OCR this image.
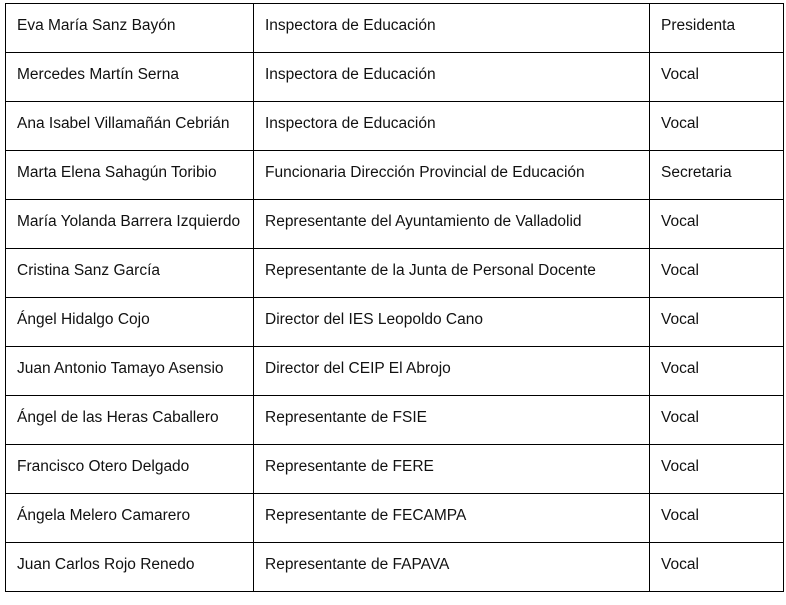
Eva María Sanz Bayón	Inspectora de Educación	Presidenta

Mercedes Martín Serna	Inspectora de Educación	Vocal

Ana Isabel Villamañán Cebrián	Inspectora de Educación	Vocal

Marta Elena Sahagún Toribio	Funcionaria Dirección Provincial de Educación	Secretaria

María Yolanda Barrera Izquierdo	Representante del Ayuntamiento de Valladolid	Vocal

Cristina Sanz García	Representante de la Junta de Personal Docente	Vocal

Ángel Hidalgo Cojo	Director del IES Leopoldo Cano	Vocal

Juan Antonio Tamayo Asensio	Director del CEIP El Abrojo	Vocal

Ángel de las Heras Caballero	Representante de FSIE	Vocal

Francisco Otero Delgado	Representante de FERE	Vocal

Ángela Melero Camarero	Representante de FECAMPA	Vocal

Juan Carlos Rojo Renedo	Representante de FAPAVA	Vocal
